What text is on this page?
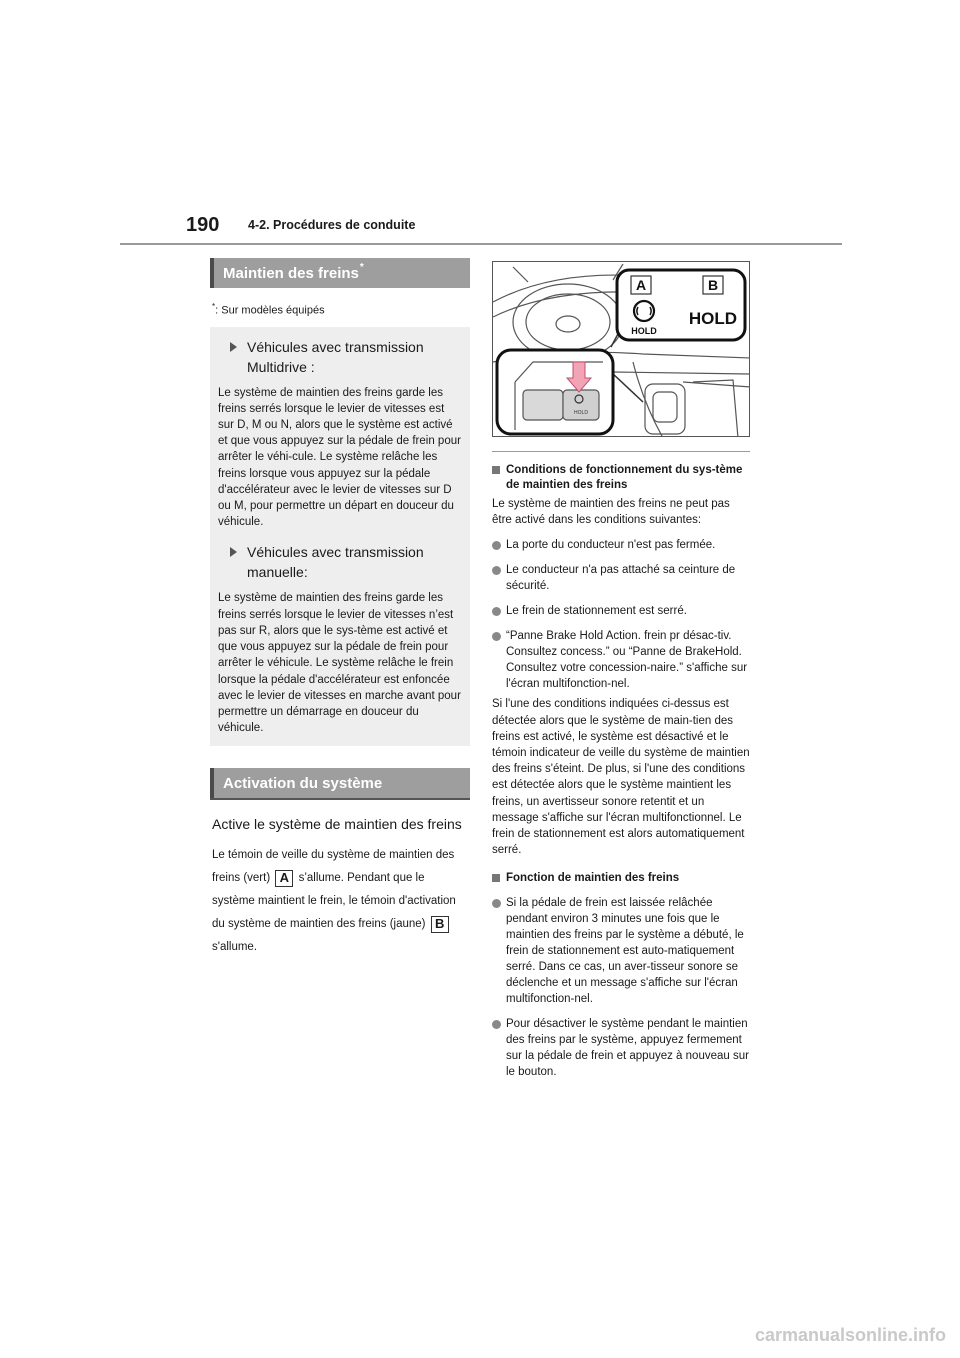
190 4-2. Procédures de conduite
Maintien des freins*
*: Sur modèles équipés
Véhicules avec transmission Multidrive :
Le système de maintien des freins garde les freins serrés lorsque le levier de vitesses est sur D, M ou N, alors que le système est activé et que vous appuyez sur la pédale de frein pour arrêter le véhi-cule. Le système relâche les freins lorsque vous appuyez sur la pédale d'accélérateur avec le levier de vitesses sur D ou M, pour permettre un départ en douceur du véhicule.
Véhicules avec transmission manuelle:
Le système de maintien des freins garde les freins serrés lorsque le levier de vitesses n’est pas sur R, alors que le sys-tème est activé et que vous appuyez sur la pédale de frein pour arrêter le véhicule. Le système relâche le frein lorsque la pédale d'accélérateur est enfoncée avec le levier de vitesses en marche avant pour permettre un démarrage en douceur du véhicule.
Activation du système
Active le système de maintien des freins
Le témoin de veille du système de maintien des freins (vert) A s’allume. Pendant que le système maintient le frein, le témoin d'activation du système de maintien des freins (jaune) B s'allume.
A	B
HOLD
HOLD
HOLD
Conditions de fonctionnement du sys-tème de maintien des freins
Le système de maintien des freins ne peut pas être activé dans les conditions suivantes:
La porte du conducteur n'est pas fermée.
Le conducteur n'a pas attaché sa ceinture de sécurité.
Le frein de stationnement est serré.
“Panne Brake Hold Action. frein pr désac-tiv. Consultez concess.” ou “Panne de BrakeHold. Consultez votre concession-naire.” s'affiche sur l'écran multifonction-nel.
Si l'une des conditions indiquées ci-dessus est détectée alors que le système de main-tien des freins est activé, le système est désactivé et le témoin indicateur de veille du système de maintien des freins s'éteint. De plus, si l'une des conditions est détectée alors que le système maintient les freins, un avertisseur sonore retentit et un message s'affiche sur l'écran multifonctionnel. Le frein de stationnement est alors automatiquement serré.
Fonction de maintien des freins
Si la pédale de frein est laissée relâchée pendant environ 3 minutes une fois que le maintien des freins par le système a débuté, le frein de stationnement est auto-matiquement serré. Dans ce cas, un aver-tisseur sonore se déclenche et un message s'affiche sur l'écran multifonction-nel.
Pour désactiver le système pendant le maintien des freins par le système, appuyez fermement sur la pédale de frein et appuyez à nouveau sur le bouton.
carmanualsonline.info
